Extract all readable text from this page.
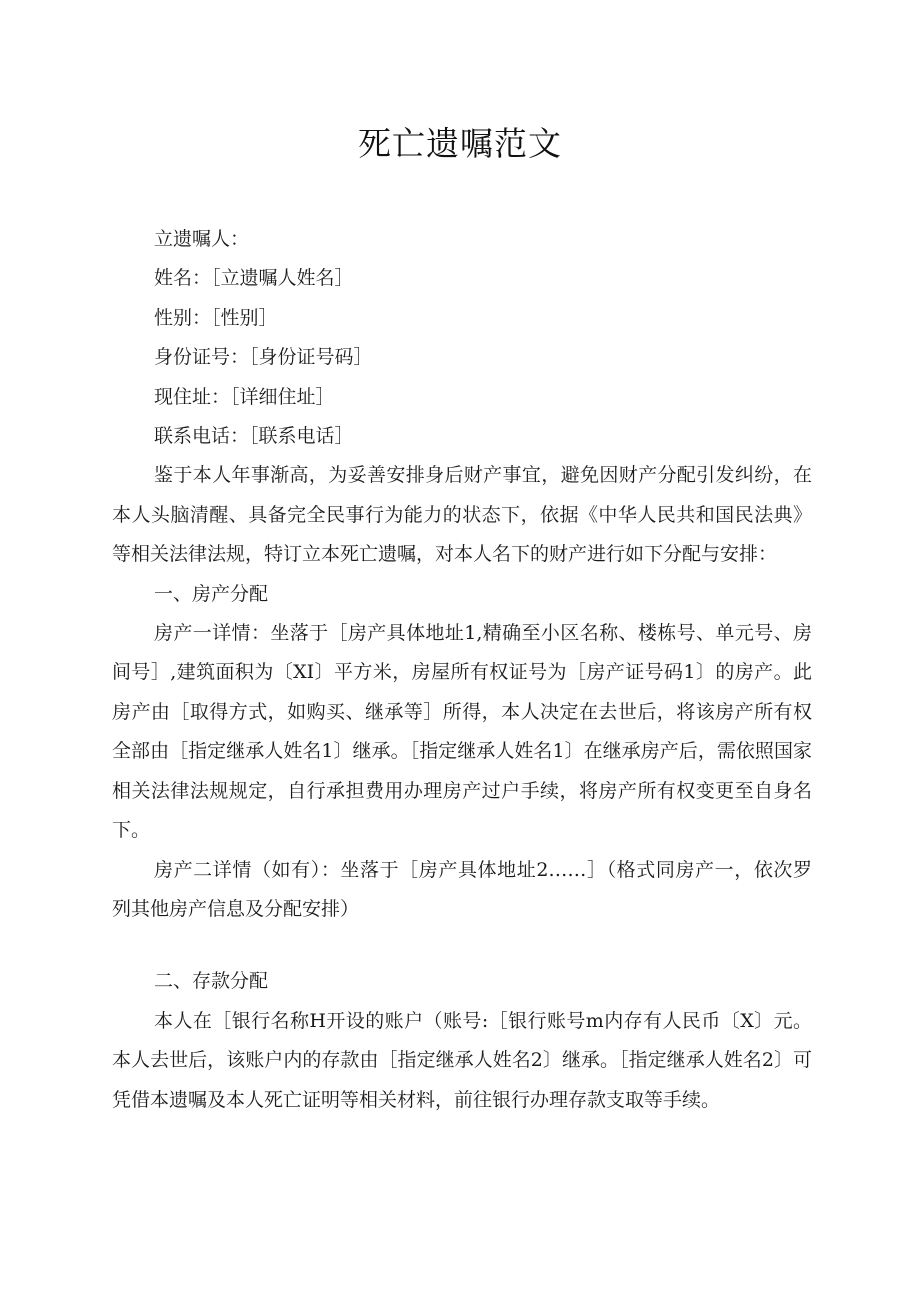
死亡遗嘱范文

立遗嘱人：

姓名：［立遗嘱人姓名］

性别：［性别］

身份证号：［身份证号码］

现住址：［详细住址］

联系电话：［联系电话］

鉴于本人年事渐高，为妥善安排身后财产事宜，避免因财产分配引发纠纷，在本人头脑清醒、具备完全民事行为能力的状态下，依据《中华人民共和国民法典》等相关法律法规，特订立本死亡遗嘱，对本人名下的财产进行如下分配与安排：

一、房产分配

房产一详情：坐落于［房产具体地址1,精确至小区名称、楼栋号、单元号、房间号］,建筑面积为〔XI〕平方米，房屋所有权证号为［房产证号码1〕的房产。此房产由［取得方式，如购买、继承等］所得，本人决定在去世后，将该房产所有权全部由［指定继承人姓名1〕继承。［指定继承人姓名1〕在继承房产后，需依照国家相关法律法规规定，自行承担费用办理房产过户手续，将房产所有权变更至自身名下。

房产二详情（如有）：坐落于［房产具体地址2……］（格式同房产一，依次罗列其他房产信息及分配安排）

二、存款分配

本人在［银行名称H开设的账户（账号:［银行账号m内存有人民币〔X〕元。本人去世后，该账户内的存款由［指定继承人姓名2〕继承。［指定继承人姓名2〕可凭借本遗嘱及本人死亡证明等相关材料，前往银行办理存款支取等手续。
